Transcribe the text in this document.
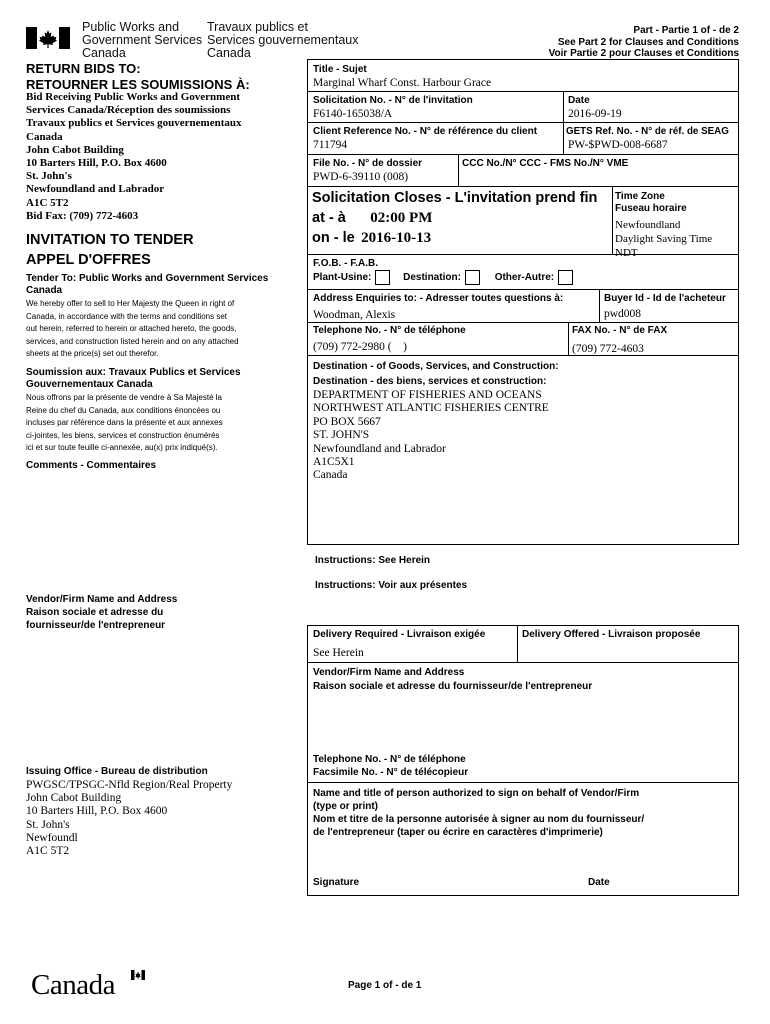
Public Works and
Government Services
Canada
Travaux publics et
Services gouvernementaux
Canada
Part - Partie 1 of - de 2
See Part 2 for Clauses and Conditions
Voir Partie 2 pour Clauses et Conditions
RETURN BIDS TO:
RETOURNER LES SOUMISSIONS À:
Bid Receiving Public Works and Government
Services Canada/Réception des soumissions
Travaux publics et Services gouvernementaux
Canada
John Cabot Building
10 Barters Hill, P.O. Box 4600
St. John's
Newfoundland and Labrador
A1C 5T2
Bid Fax: (709) 772-4603
INVITATION TO TENDER
APPEL D'OFFRES
Tender To: Public Works and Government Services
Canada
We hereby offer to sell to Her Majesty the Queen in right of
Canada, in accordance with the terms and conditions set
out herein, referred to herein or attached hereto, the goods,
services, and construction listed herein and on any attached
sheets at the price(s) set out therefor.
Soumission aux: Travaux Publics et Services
Gouvernementaux Canada
Nous offrons par la présente de vendre à Sa Majesté la
Reine du chef du Canada, aux conditions énoncées ou
incluses par référence dans la présente et aux annexes
ci-jointes, les biens, services et construction énumérés
ici et sur toute feuille ci-annexée, au(x) prix indiqué(s).
Comments - Commentaires
Vendor/Firm Name and Address
Raison sociale et adresse du
fournisseur/de l'entrepreneur
Issuing Office - Bureau de distribution
PWGSC/TPSGC-Nfld Region/Real Property
John Cabot Building
10 Barters Hill, P.O. Box 4600
St. John's
Newfoundl
A1C 5T2
Title - Sujet
Marginal Wharf Const. Harbour Grace
Solicitation No. - N° de l'invitation
F6140-165038/A
Date
2016-09-19
Client Reference No. - N° de référence du client
711794
GETS Ref. No. - N° de réf. de SEAG
PW-$PWD-008-6687
File No. - N° de dossier
PWD-6-39110 (008)
CCC No./N° CCC - FMS No./N° VME
Solicitation Closes - L'invitation prend fin
at - à 02:00 PM
on - le 2016-10-13
Time Zone
Fuseau horaire
Newfoundland
Daylight Saving Time
NDT
F.O.B. - F.A.B.
Plant-Usine:	Destination:	Other-Autre:
Address Enquiries to: - Adresser toutes questions à:
Woodman, Alexis
Buyer Id - Id de l'acheteur
pwd008
Telephone No. - N° de téléphone
(709) 772-2980 (    )
FAX No. - N° de FAX
(709) 772-4603
Destination - of Goods, Services, and Construction:
Destination - des biens, services et construction:
DEPARTMENT OF FISHERIES AND OCEANS
NORTHWEST ATLANTIC FISHERIES CENTRE
PO BOX 5667
ST. JOHN'S
Newfoundland and Labrador
A1C5X1
Canada
Instructions: See Herein
Instructions: Voir aux présentes
Delivery Required - Livraison exigée
See Herein
Delivery Offered - Livraison proposée
Vendor/Firm Name and Address
Raison sociale et adresse du fournisseur/de l'entrepreneur
Telephone No. - N° de téléphone
Facsimile No. - N° de télécopieur
Name and title of person authorized to sign on behalf of Vendor/Firm
(type or print)
Nom et titre de la personne autorisée à signer au nom du fournisseur/
de l'entrepreneur (taper ou écrire en caractères d'imprimerie)
Signature	Date
Canada	Page 1 of - de 1
